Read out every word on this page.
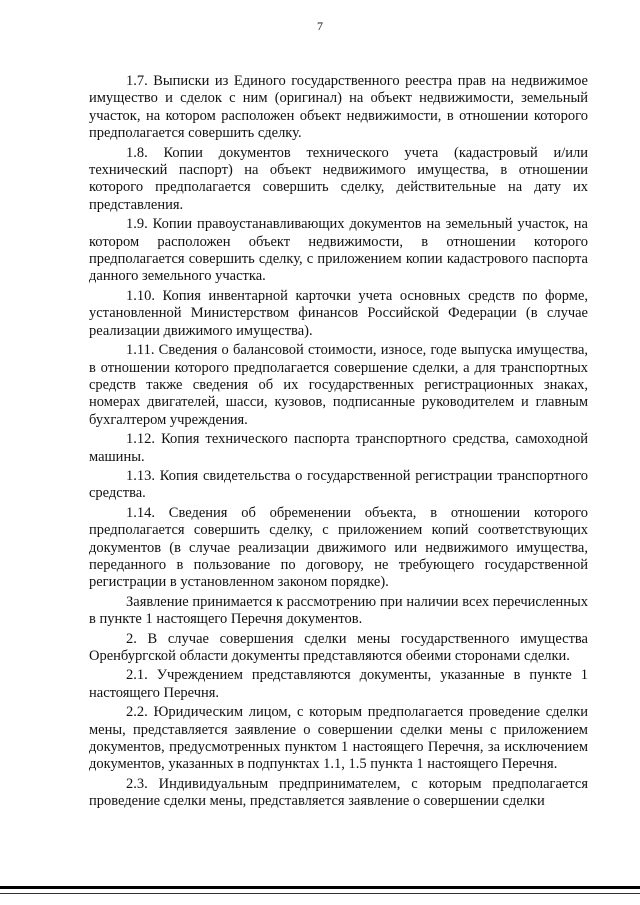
7

1.7. Выписки из Единого государственного реестра прав на недвижимое имущество и сделок с ним (оригинал) на объект недвижимости, земельный участок, на котором расположен объект недвижимости, в отношении которого предполагается совершить сделку.

1.8. Копии документов технического учета (кадастровый и/или технический паспорт) на объект недвижимого имущества, в отношении которого предполагается совершить сделку, действительные на дату их представления.

1.9. Копии правоустанавливающих документов на земельный участок, на котором расположен объект недвижимости, в отношении которого предполагается совершить сделку, с приложением копии кадастрового паспорта данного земельного участка.

1.10. Копия инвентарной карточки учета основных средств по форме, установленной Министерством финансов Российской Федерации (в случае реализации движимого имущества).

1.11. Сведения о балансовой стоимости, износе, годе выпуска имущества, в отношении которого предполагается совершение сделки, а для транспортных средств также сведения об их государственных регистрационных знаках, номерах двигателей, шасси, кузовов, подписанные руководителем и главным бухгалтером учреждения.

1.12. Копия технического паспорта транспортного средства, самоходной машины.

1.13. Копия свидетельства о государственной регистрации транспортного средства.

1.14. Сведения об обременении объекта, в отношении которого предполагается совершить сделку, с приложением копий соответствующих документов (в случае реализации движимого или недвижимого имущества, переданного в пользование по договору, не требующего государственной регистрации в установленном законом порядке).

Заявление принимается к рассмотрению при наличии всех перечисленных в пункте 1 настоящего Перечня документов.

2. В случае совершения сделки мены государственного имущества Оренбургской области документы представляются обеими сторонами сделки.

2.1. Учреждением представляются документы, указанные в пункте 1 настоящего Перечня.

2.2. Юридическим лицом, с которым предполагается проведение сделки мены, представляется заявление о совершении сделки мены с приложением документов, предусмотренных пунктом 1 настоящего Перечня, за исключением документов, указанных в подпунктах 1.1, 1.5 пункта 1 настоящего Перечня.

2.3. Индивидуальным предпринимателем, с которым предполагается проведение сделки мены, представляется заявление о совершении сделки
